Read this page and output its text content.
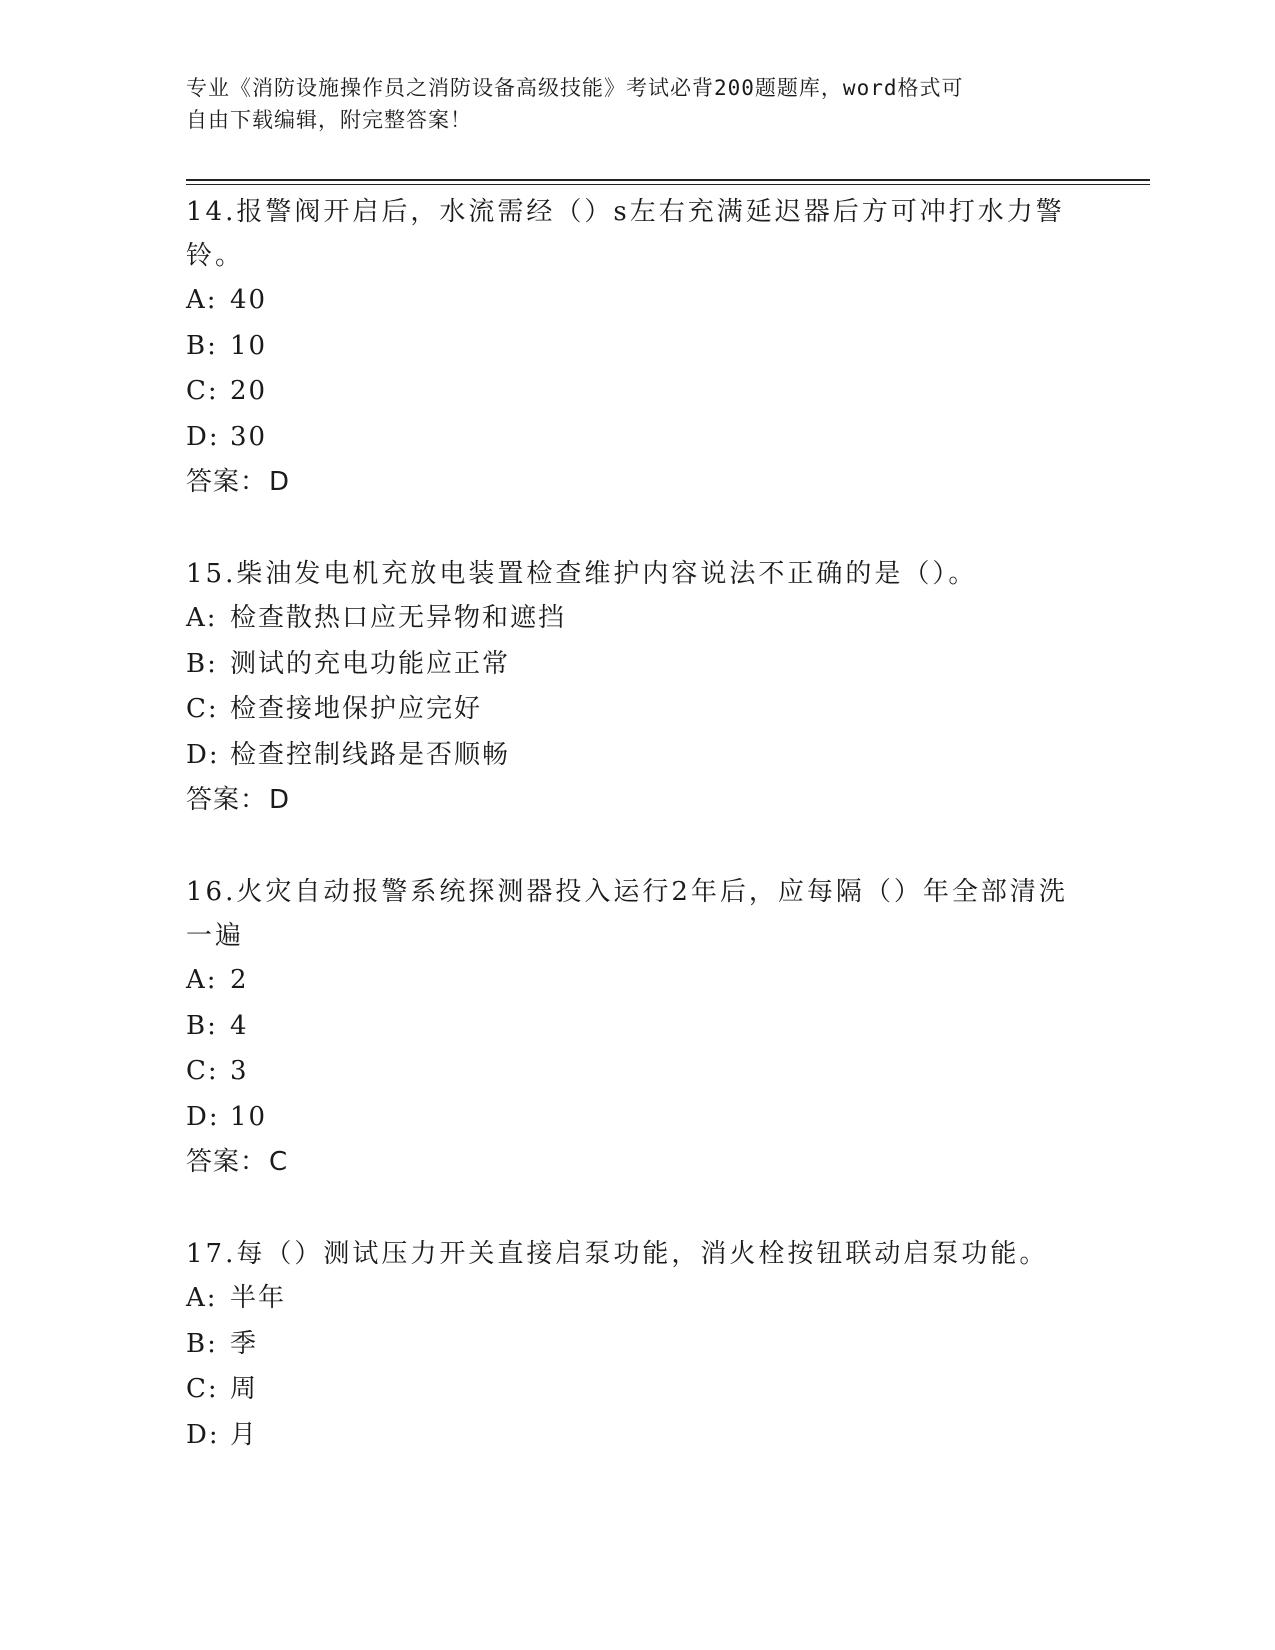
专业《消防设施操作员之消防设备高级技能》考试必背200题题库，word格式可
自由下载编辑，附完整答案！

14.报警阀开启后，水流需经（）s左右充满延迟器后方可冲打水力警
铃。

A: 40

B: 10

C: 20

D: 30

答案：D

15.柴油发电机充放电装置检查维护内容说法不正确的是（）。

A: 检查散热口应无异物和遮挡

B: 测试的充电功能应正常

C: 检查接地保护应完好

D: 检查控制线路是否顺畅

答案：D

16.火灾自动报警系统探测器投入运行2年后，应每隔（）年全部清洗
一遍

A: 2

B: 4

C: 3

D: 10

答案：C

17.每（）测试压力开关直接启泵功能，消火栓按钮联动启泵功能。

A: 半年

B: 季

C: 周

D: 月
